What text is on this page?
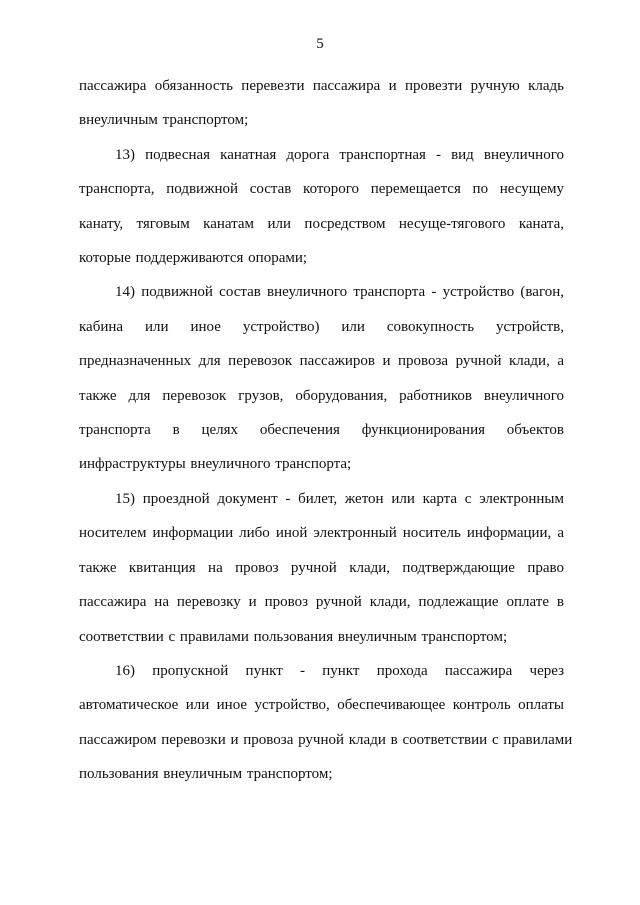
5
пассажира обязанность перевезти пассажира и провезти ручную кладь
внеуличным транспортом;
13) подвесная канатная дорога транспортная - вид внеуличного
транспорта, подвижной состав которого перемещается по несущему
канату, тяговым канатам или посредством несуще-тягового каната,
которые поддерживаются опорами;
14) подвижной состав внеуличного транспорта - устройство (вагон,
кабина или иное устройство) или совокупность устройств,
предназначенных для перевозок пассажиров и провоза ручной клади, а
также для перевозок грузов, оборудования, работников внеуличного
транспорта в целях обеспечения функционирования объектов
инфраструктуры внеуличного транспорта;
15) проездной документ - билет, жетон или карта с электронным
носителем информации либо иной электронный носитель информации, а
также квитанция на провоз ручной клади, подтверждающие право
пассажира на перевозку и провоз ручной клади, подлежащие оплате в
соответствии с правилами пользования внеуличным транспортом;
16) пропускной пункт - пункт прохода пассажира через
автоматическое или иное устройство, обеспечивающее контроль оплаты
пассажиром перевозки и провоза ручной клади в соответствии с правилами
пользования внеуличным транспортом;
